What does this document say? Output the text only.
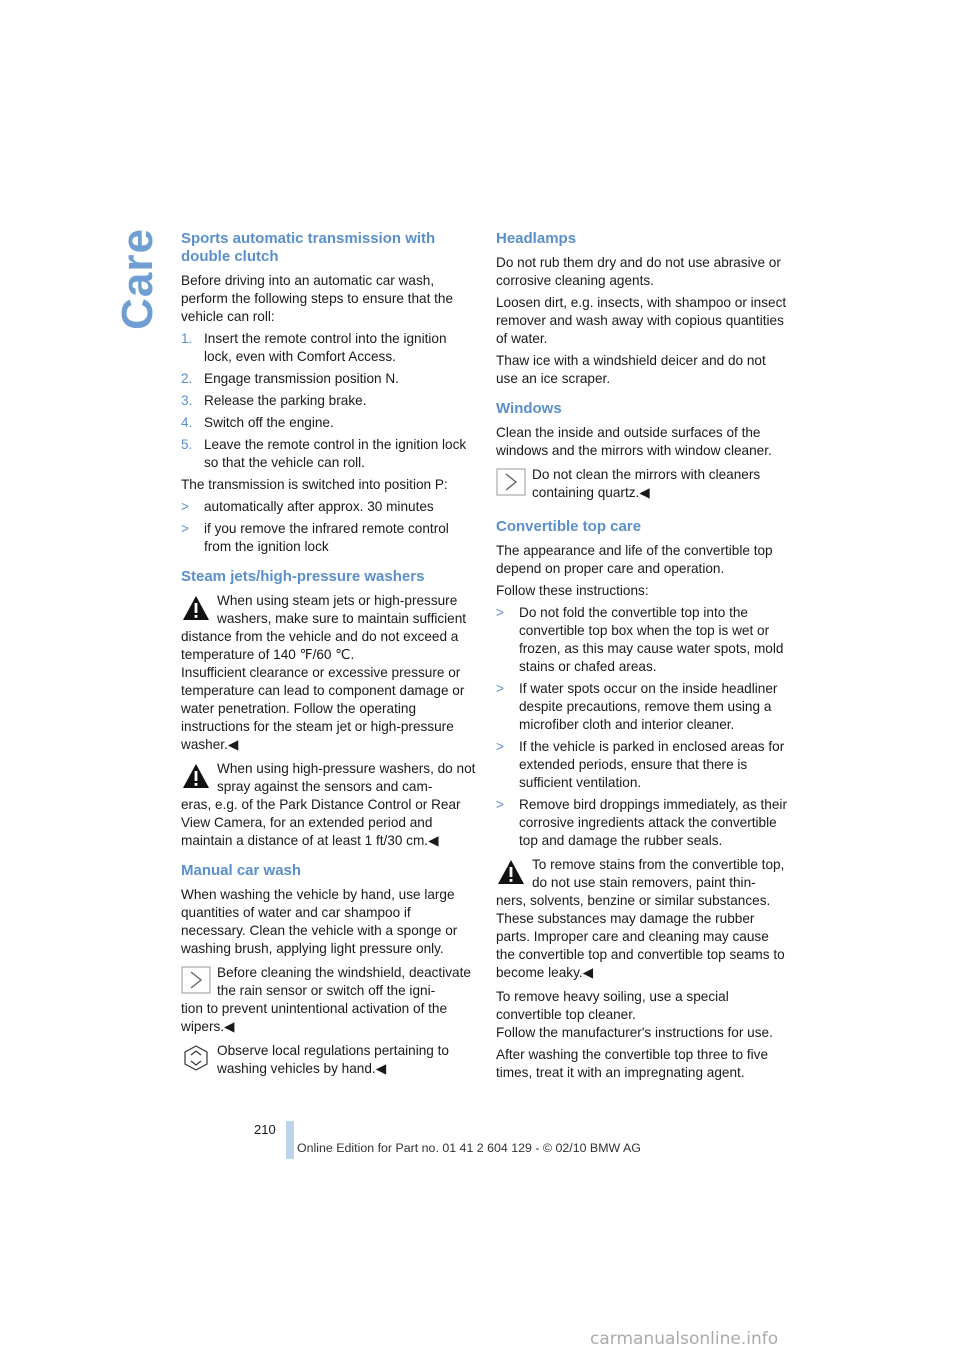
Care Sports automatic transmission with double clutch

Before driving into an automatic car wash, perform the following steps to ensure that the vehicle can roll:

1. Insert the remote control into the ignition lock, even with Comfort Access.
2. Engage transmission position N.
3. Release the parking brake.
4. Switch off the engine.
5. Leave the remote control in the ignition lock so that the vehicle can roll.

The transmission is switched into position P:

> automatically after approx. 30 minutes
> if you remove the infrared remote control from the ignition lock
Steam jets/high-pressure washers
When using steam jets or high-pressure washers, make sure to maintain sufficient
distance from the vehicle and do not exceed a temperature of 140 ℉/60 ℃.
Insufficient clearance or excessive pressure or temperature can lead to component damage or water penetration. Follow the operating instructions for the steam jet or high-pressure washer.◀
When using high-pressure washers, do not spray against the sensors and cam-
eras, e.g. of the Park Distance Control or Rear View Camera, for an extended period and maintain a distance of at least 1 ft/30 cm.◀
Manual car wash

When washing the vehicle by hand, use large quantities of water and car shampoo if necessary. Clean the vehicle with a sponge or washing brush, applying light pressure only.

Before cleaning the windshield, deactivate the rain sensor or switch off the igni-
tion to prevent unintentional activation of the wipers.◀
Observe local regulations pertaining to washing vehicles by hand.◀
Headlamps

Do not rub them dry and do not use abrasive or corrosive cleaning agents.

Loosen dirt, e.g. insects, with shampoo or insect remover and wash away with copious quantities of water.

Thaw ice with a windshield deicer and do not use an ice scraper.

Windows

Clean the inside and outside surfaces of the windows and the mirrors with window cleaner.

Do not clean the mirrors with cleaners containing quartz.◀
Convertible top care

The appearance and life of the convertible top depend on proper care and operation.

Follow these instructions:

> Do not fold the convertible top into the convertible top box when the top is wet or frozen, as this may cause water spots, mold stains or chafed areas.
> If water spots occur on the inside headliner despite precautions, remove them using a microfiber cloth and interior cleaner.
> If the vehicle is parked in enclosed areas for extended periods, ensure that there is sufficient ventilation.
> Remove bird droppings immediately, as their corrosive ingredients attack the convertible top and damage the rubber seals.
To remove stains from the convertible top, do not use stain removers, paint thin-
ners, solvents, benzine or similar substances. These substances may damage the rubber parts. Improper care and cleaning may cause the convertible top and convertible top seams to become leaky.◀

To remove heavy soiling, use a special convertible top cleaner.

Follow the manufacturer's instructions for use.

After washing the convertible top three to five times, treat it with an impregnating agent.

210
Online Edition for Part no. 01 41 2 604 129 - © 02/10 BMW AG
carmanualsonline.info
